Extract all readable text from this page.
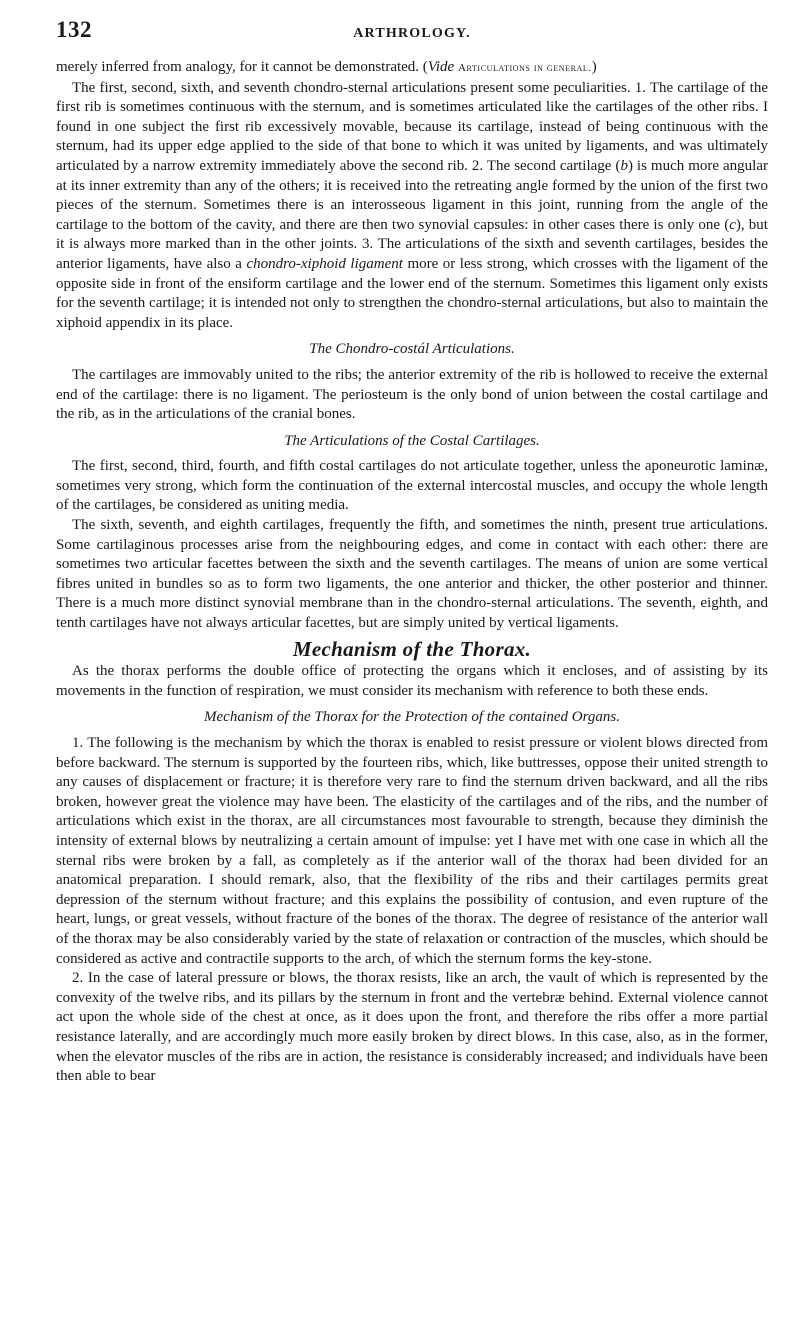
132	ARTHROLOGY.

merely inferred from analogy, for it cannot be demonstrated. (Vide Articulations in general.)

The first, second, sixth, and seventh chondro-sternal articulations present some peculiarities. 1. The cartilage of the first rib is sometimes continuous with the sternum, and is sometimes articulated like the cartilages of the other ribs. I found in one subject the first rib excessively movable, because its cartilage, instead of being continuous with the sternum, had its upper edge applied to the side of that bone to which it was united by ligaments, and was ultimately articulated by a narrow extremity immediately above the second rib. 2. The second cartilage (b) is much more angular at its inner extremity than any of the others; it is received into the retreating angle formed by the union of the first two pieces of the sternum. Sometimes there is an interosseous ligament in this joint, running from the angle of the cartilage to the bottom of the cavity, and there are then two synovial capsules: in other cases there is only one (c), but it is always more marked than in the other joints. 3. The articulations of the sixth and seventh cartilages, besides the anterior ligaments, have also a chondro-xiphoid ligament more or less strong, which crosses with the ligament of the opposite side in front of the ensiform cartilage and the lower end of the sternum. Sometimes this ligament only exists for the seventh cartilage; it is intended not only to strengthen the chondro-sternal articulations, but also to maintain the xiphoid appendix in its place.

The Chondro-costál Articulations.

The cartilages are immovably united to the ribs; the anterior extremity of the rib is hollowed to receive the external end of the cartilage: there is no ligament. The periosteum is the only bond of union between the costal cartilage and the rib, as in the articulations of the cranial bones.

The Articulations of the Costal Cartilages.

The first, second, third, fourth, and fifth costal cartilages do not articulate together, unless the aponeurotic laminæ, sometimes very strong, which form the continuation of the external intercostal muscles, and occupy the whole length of the cartilages, be considered as uniting media.

The sixth, seventh, and eighth cartilages, frequently the fifth, and sometimes the ninth, present true articulations. Some cartilaginous processes arise from the neighbouring edges, and come in contact with each other: there are sometimes two articular facettes between the sixth and the seventh cartilages. The means of union are some vertical fibres united in bundles so as to form two ligaments, the one anterior and thicker, the other posterior and thinner. There is a much more distinct synovial membrane than in the chondro-sternal articulations. The seventh, eighth, and tenth cartilages have not always articular facettes, but are simply united by vertical ligaments.

Mechanism of the Thorax.

As the thorax performs the double office of protecting the organs which it encloses, and of assisting by its movements in the function of respiration, we must consider its mechanism with reference to both these ends.

Mechanism of the Thorax for the Protection of the contained Organs.

1. The following is the mechanism by which the thorax is enabled to resist pressure or violent blows directed from before backward. The sternum is supported by the fourteen ribs, which, like buttresses, oppose their united strength to any causes of displacement or fracture; it is therefore very rare to find the sternum driven backward, and all the ribs broken, however great the violence may have been. The elasticity of the cartilages and of the ribs, and the number of articulations which exist in the thorax, are all circumstances most favourable to strength, because they diminish the intensity of external blows by neutralizing a certain amount of impulse: yet I have met with one case in which all the sternal ribs were broken by a fall, as completely as if the anterior wall of the thorax had been divided for an anatomical preparation. I should remark, also, that the flexibility of the ribs and their cartilages permits great depression of the sternum without fracture; and this explains the possibility of contusion, and even rupture of the heart, lungs, or great vessels, without fracture of the bones of the thorax. The degree of resistance of the anterior wall of the thorax may be also considerably varied by the state of relaxation or contraction of the muscles, which should be considered as active and contractile supports to the arch, of which the sternum forms the key-stone.

2. In the case of lateral pressure or blows, the thorax resists, like an arch, the vault of which is represented by the convexity of the twelve ribs, and its pillars by the sternum in front and the vertebræ behind. External violence cannot act upon the whole side of the chest at once, as it does upon the front, and therefore the ribs offer a more partial resistance laterally, and are accordingly much more easily broken by direct blows. In this case, also, as in the former, when the elevator muscles of the ribs are in action, the resistance is considerably increased; and individuals have been then able to bear
